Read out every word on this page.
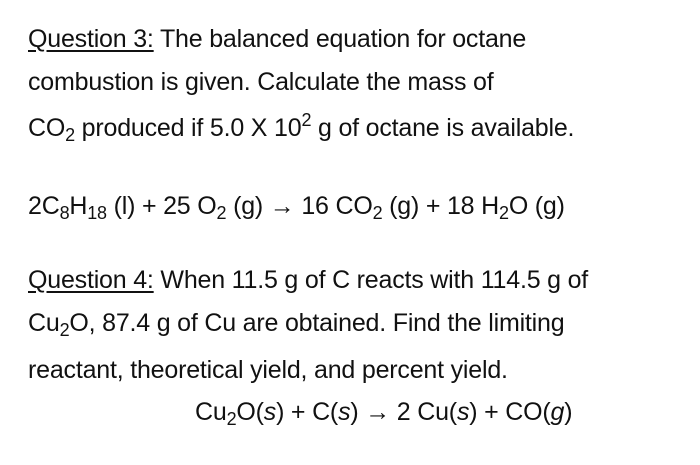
Question 3: The balanced equation for octane
combustion is given. Calculate the mass of
$CO_2$ produced if 5.0 X $10^2$ g of octane is available.
$2C_8H_{18}$ (l) + 25 $O_2$ (g) → 16 $CO_2$ (g) + 18 $H_2O$ (g)
Question 4: When 11.5 g of C reacts with 114.5 g of
$Cu_2O$, 87.4 g of Cu are obtained. Find the limiting
reactant, theoretical yield, and percent yield.
$Cu_2O(s) + C(s) \to 2$ Cu(s) + CO(g)
